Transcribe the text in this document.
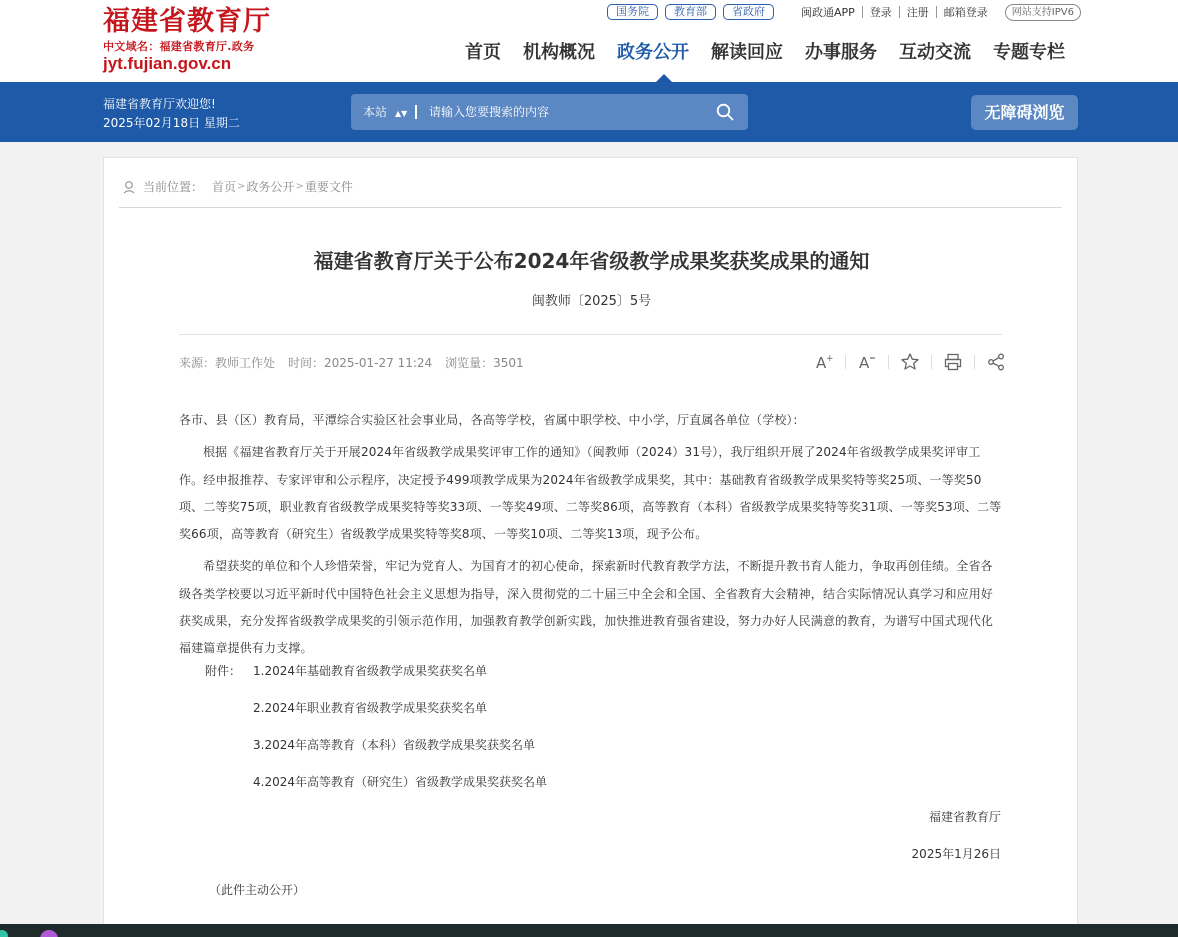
福建省教育厅
中文域名：福建省教育厅.政务
jyt.fujian.gov.cn
国务院	教育部	省政府	闽政通APP	登录	注册	邮箱登录	网站支持IPV6
首页 机构概况 政务公开 解读回应 办事服务 互动交流 专题专栏
福建省教育厅欢迎您!
2025年02月18日 星期二
本站 ▲▼
请输入您要搜索的内容	无障碍浏览
当前位置： 首页 > 政务公开 > 重要文件
福建省教育厅关于公布2024年省级教学成果奖获奖成果的通知
闽教师〔2025〕5号
来源：教师工作处 时间：2025-01-27 11:24 浏览量：3501	A + A

各市、县（区）教育局，平潭综合实验区社会事业局，各高等学校，省属中职学校、中小学，厅直属各单位（学校）：

根据《福建省教育厅关于开展2024年省级教学成果奖评审工作的通知》（闽教师（2024）31号），我厅组织开展了2024年省级教学成果奖评审工作。经申报推荐、专家评审和公示程序，决定授予499项教学成果为2024年省级教学成果奖，其中：基础教育省级教学成果奖特等奖25项、一等奖50项、二等奖75项，职业教育省级教学成果奖特等奖33项、一等奖49项、二等奖86项，高等教育（本科）省级教学成果奖特等奖31项、一等奖53项、二等奖66项，高等教育（研究生）省级教学成果奖特等奖8项、一等奖10项、二等奖13项，现予公布。

希望获奖的单位和个人珍惜荣誉，牢记为党育人、为国育才的初心使命，探索新时代教育教学方法，不断提升教书育人能力，争取再创佳绩。全省各级各类学校要以习近平新时代中国特色社会主义思想为指导，深入贯彻党的二十届三中全会和全国、全省教育大会精神，结合实际情况认真学习和应用好获奖成果，充分发挥省级教学成果奖的引领示范作用，加强教育教学创新实践，加快推进教育强省建设，努力办好人民满意的教育，为谱写中国式现代化福建篇章提供有力支撑。

附件： 1.2024年基础教育省级教学成果奖获奖名单
2.2024年职业教育省级教学成果奖获奖名单
3.2024年高等教育（本科）省级教学成果奖获奖名单
4.2024年高等教育（研究生）省级教学成果奖获奖名单
福建省教育厅
2025年1月26日
（此件主动公开）
